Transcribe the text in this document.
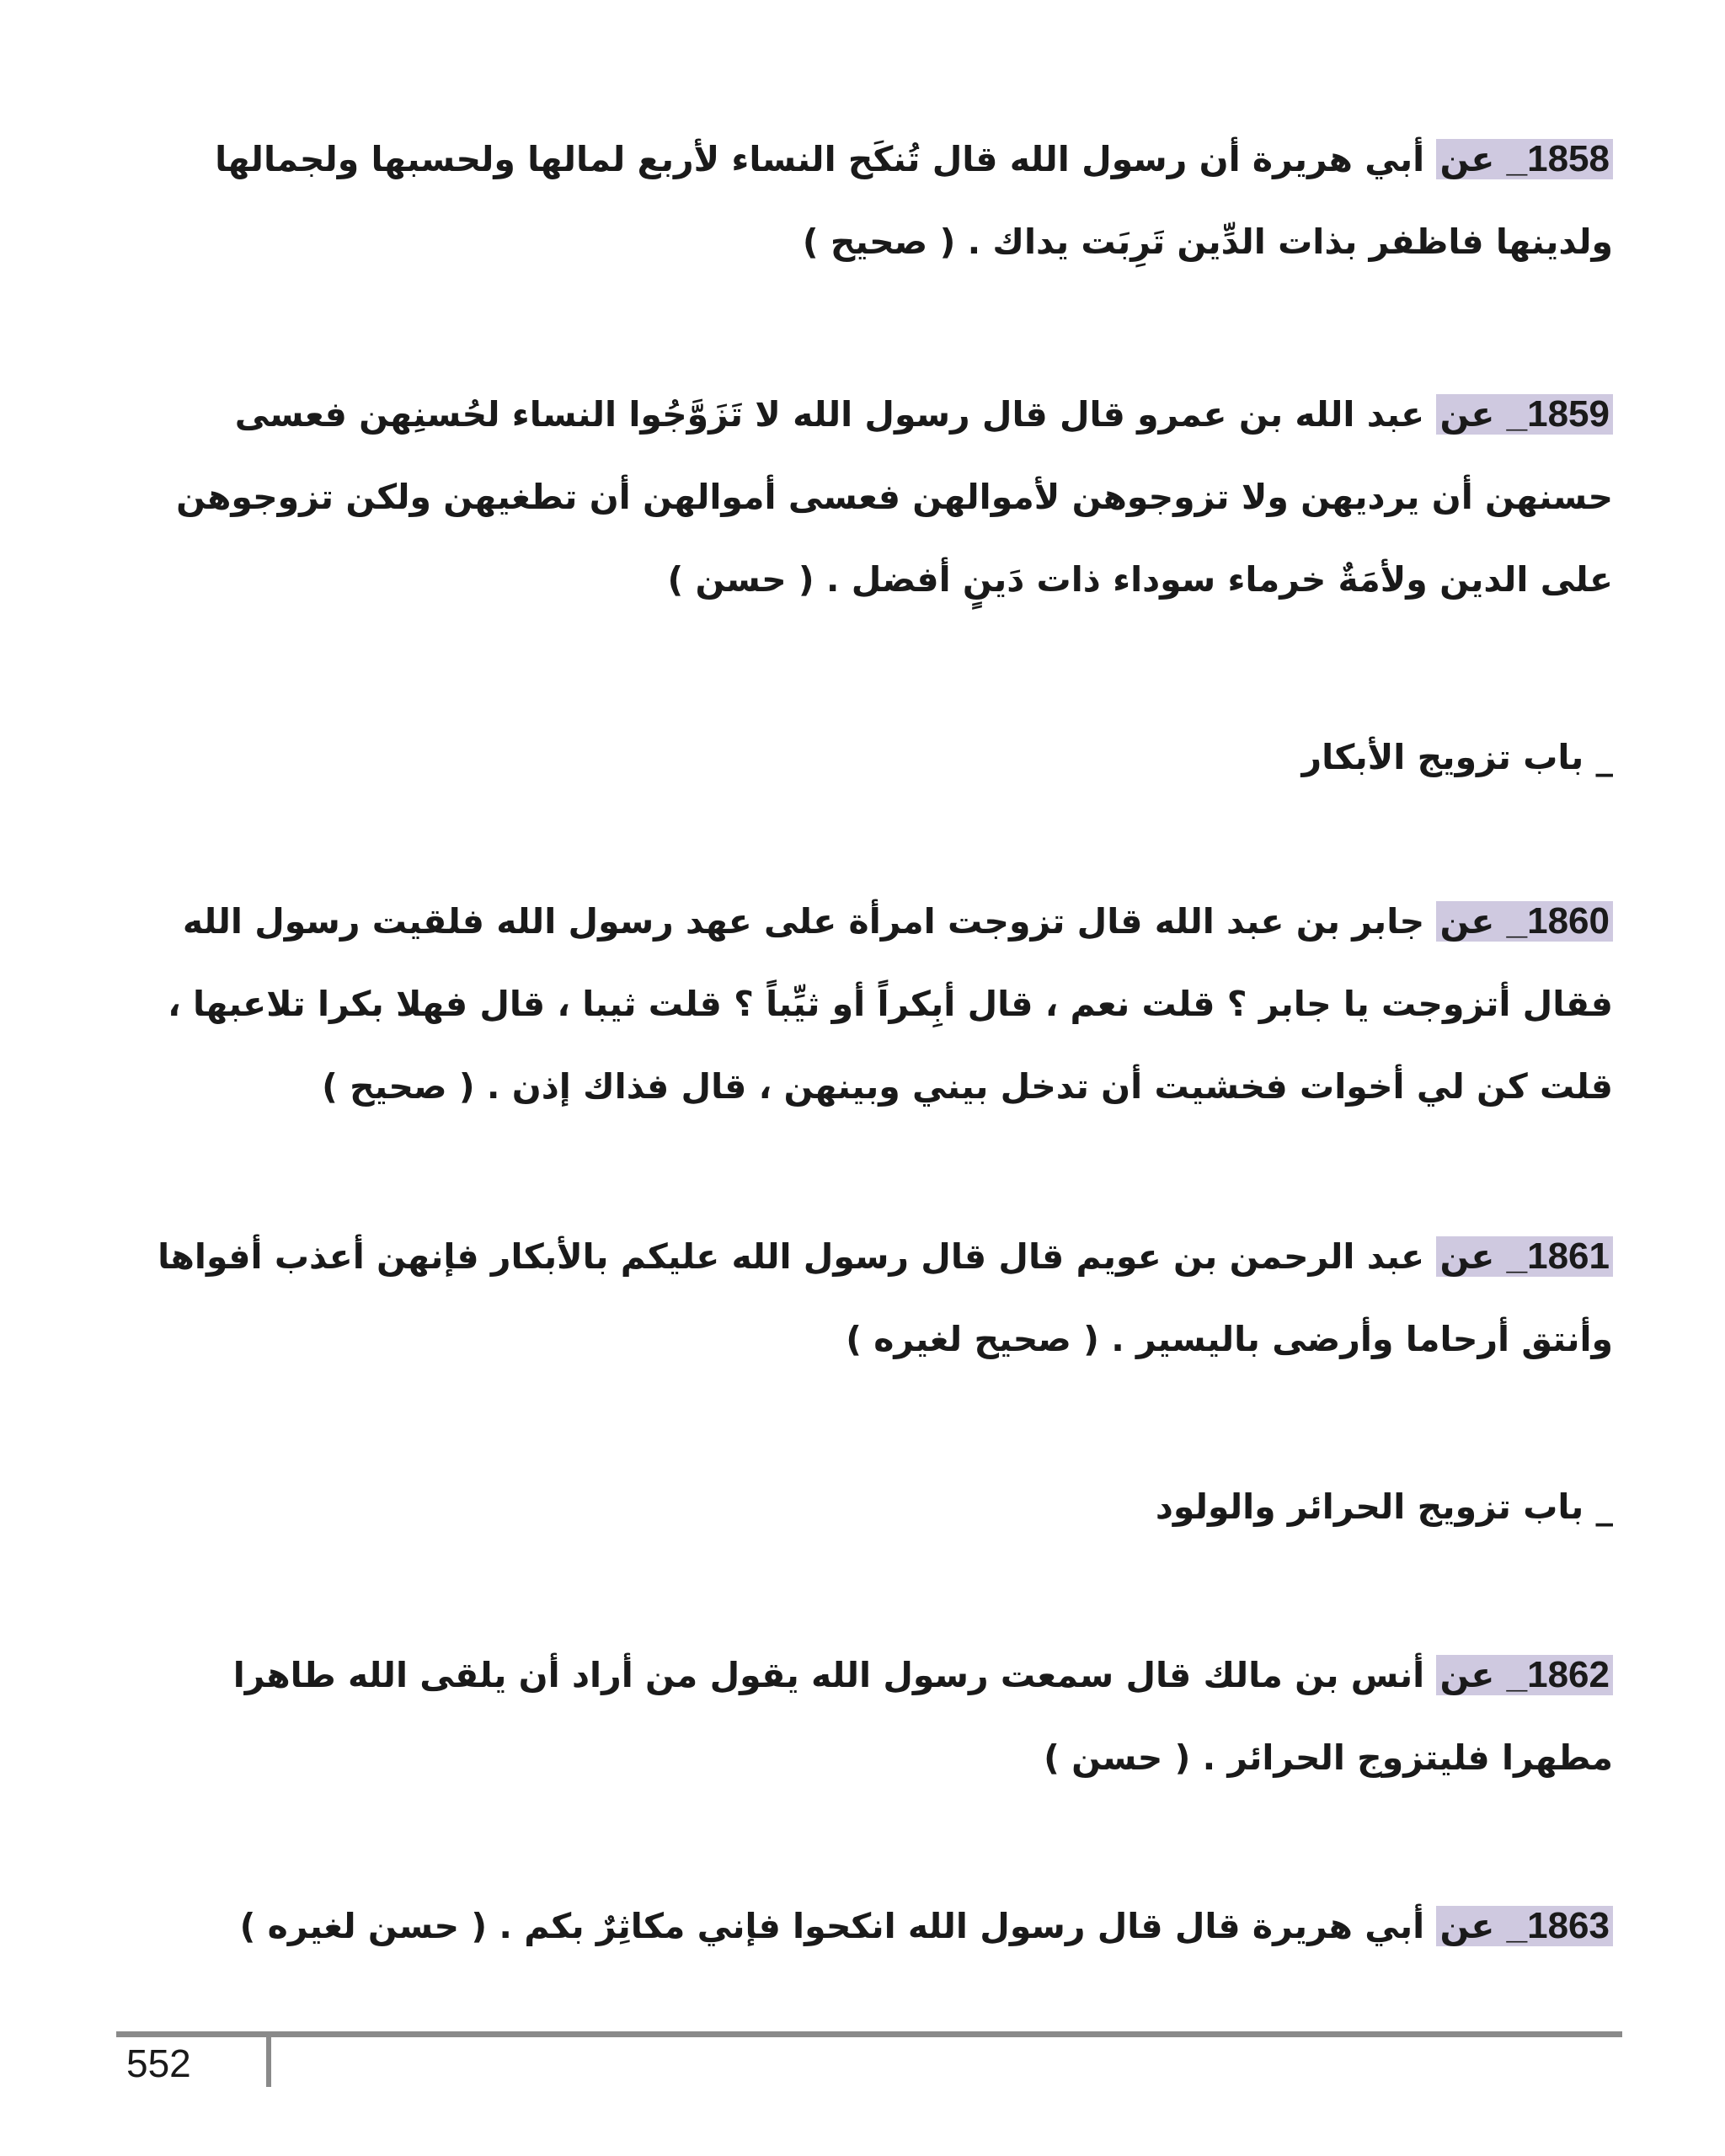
1858_ عن أبي هريرة أن رسول الله قال تُنكَح النساء لأربع لمالها ولحسبها ولجمالها ولدينها فاظفر بذات الدِّين تَرِبَت يداك . ( صحيح )
1859_ عن عبد الله بن عمرو قال قال رسول الله لا تَزَوَّجُوا النساء لحُسنِهن فعسى حسنهن أن يرديهن ولا تزوجوهن لأموالهن فعسى أموالهن أن تطغيهن ولكن تزوجوهن على الدين ولأمَةٌ خرماء سوداء ذات دَينٍ أفضل . ( حسن )
_ باب تزويج الأبكار
1860_ عن جابر بن عبد الله قال تزوجت امرأة على عهد رسول الله فلقيت رسول الله فقال أتزوجت يا جابر ؟ قلت نعم ، قال أبِكراً أو ثيِّباً ؟ قلت ثيبا ، قال فهلا بكرا تلاعبها ، قلت كن لي أخوات فخشيت أن تدخل بيني وبينهن ، قال فذاك إذن . ( صحيح )
1861_ عن عبد الرحمن بن عويم قال قال رسول الله عليكم بالأبكار فإنهن أعذب أفواها وأنتق أرحاما وأرضى باليسير . ( صحيح لغيره )
_ باب تزويج الحرائر والولود
1862_ عن أنس بن مالك قال سمعت رسول الله يقول من أراد أن يلقى الله طاهرا مطهرا فليتزوج الحرائر . ( حسن )
1863_ عن أبي هريرة قال قال رسول الله انكحوا فإني مكاثِرٌ بكم . ( حسن لغيره )
552
